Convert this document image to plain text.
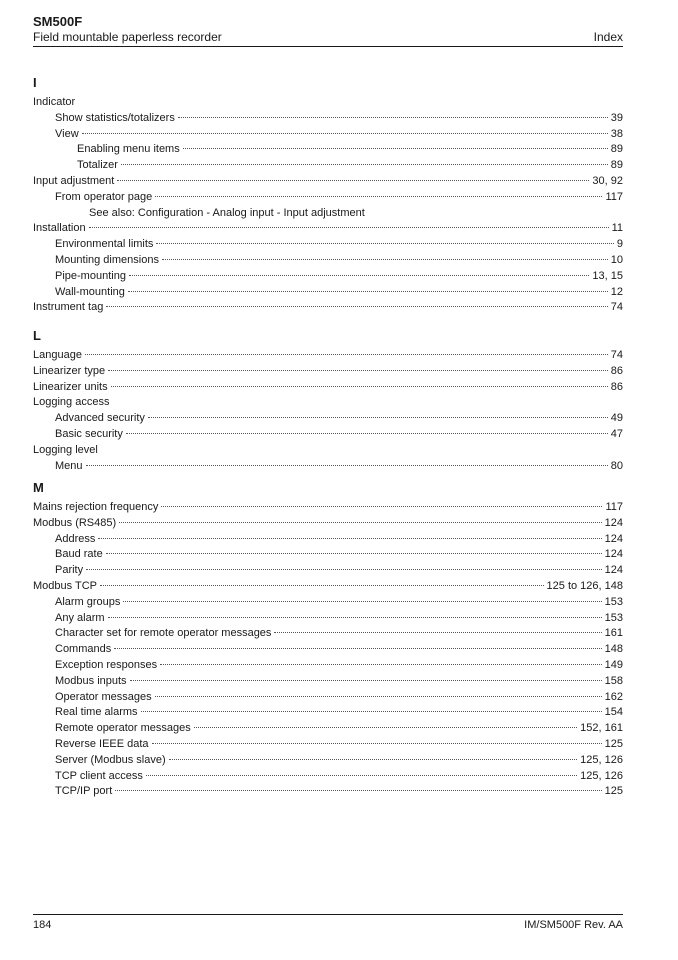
SM500F
Field mountable paperless recorder	Index
I
Indicator
Show statistics/totalizers	39
View	38
Enabling menu items	89
Totalizer	89
Input adjustment	30, 92
From operator page	117
See also: Configuration - Analog input - Input adjustment
Installation	11
Environmental limits	9
Mounting dimensions	10
Pipe-mounting	13, 15
Wall-mounting	12
Instrument tag	74
L
Language	74
Linearizer type	86
Linearizer units	86
Logging access
Advanced security	49
Basic security	47
Logging level
Menu	80
M
Mains rejection frequency	117
Modbus (RS485)	124
Address	124
Baud rate	124
Parity	124
Modbus TCP	125 to 126, 148
Alarm groups	153
Any alarm	153
Character set for remote operator messages	161
Commands	148
Exception responses	149
Modbus inputs	158
Operator messages	162
Real time alarms	154
Remote operator messages	152, 161
Reverse IEEE data	125
Server (Modbus slave)	125, 126
TCP client access	125, 126
TCP/IP port	125
184	IM/SM500F Rev. AA
